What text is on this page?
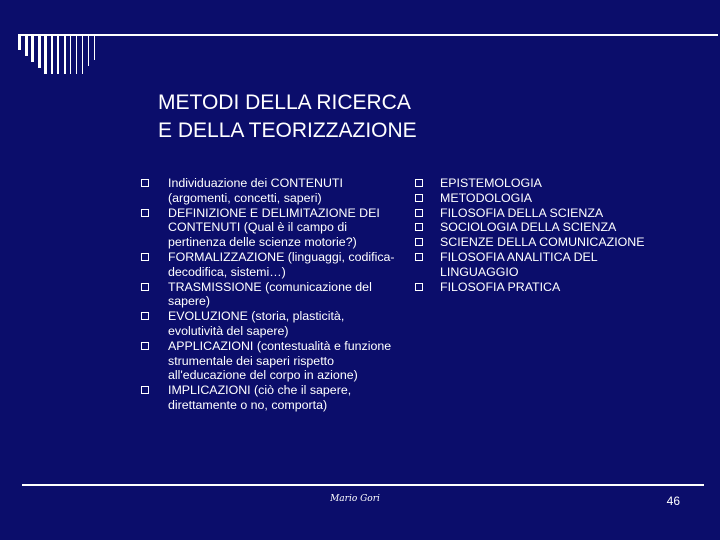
METODI DELLA RICERCA
E DELLA TEORIZZAZIONE
Individuazione dei CONTENUTI (argomenti, concetti, saperi)
DEFINIZIONE E DELIMITAZIONE DEI CONTENUTI (Qual è il campo di pertinenza delle scienze motorie?)
FORMALIZZAZIONE (linguaggi, codifica-decodifica, sistemi…)
TRASMISSIONE (comunicazione del sapere)
EVOLUZIONE (storia, plasticità, evolutività del sapere)
APPLICAZIONI (contestualità e funzione strumentale dei saperi rispetto all'educazione del corpo in azione)
IMPLICAZIONI (ciò che il sapere, direttamente o no, comporta)
EPISTEMOLOGIA
METODOLOGIA
FILOSOFIA DELLA SCIENZA
SOCIOLOGIA DELLA SCIENZA
SCIENZE DELLA COMUNICAZIONE
FILOSOFIA ANALITICA DEL LINGUAGGIO
FILOSOFIA PRATICA
Mario Gori	46
